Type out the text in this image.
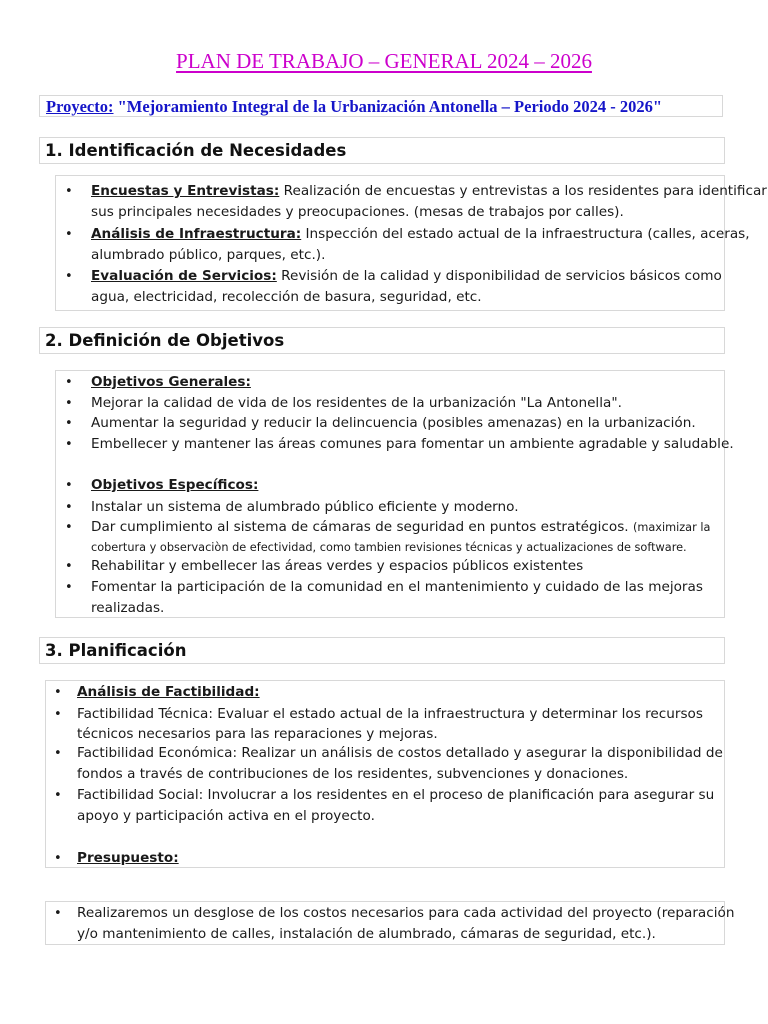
PLAN DE TRABAJO – GENERAL 2024 – 2026
Proyecto: "Mejoramiento Integral de la Urbanización Antonella – Periodo 2024 - 2026"
1. Identificación de Necesidades
• Encuestas y Entrevistas: Realización de encuestas y entrevistas a los residentes para identificar
sus principales necesidades y preocupaciones. (mesas de trabajos por calles).
• Análisis de Infraestructura: Inspección del estado actual de la infraestructura (calles, aceras,
alumbrado público, parques, etc.).
• Evaluación de Servicios: Revisión de la calidad y disponibilidad de servicios básicos como
agua, electricidad, recolección de basura, seguridad, etc.
2. Definición de Objetivos
• Objetivos Generales:
• Mejorar la calidad de vida de los residentes de la urbanización "La Antonella".
• Aumentar la seguridad y reducir la delincuencia (posibles amenazas) en la urbanización.
• Embellecer y mantener las áreas comunes para fomentar un ambiente agradable y saludable.
• Objetivos Específicos:
• Instalar un sistema de alumbrado público eficiente y moderno.
• Dar cumplimiento al sistema de cámaras de seguridad en puntos estratégicos. (maximizar la
cobertura y observaciòn de efectividad, como tambien revisiones técnicas y actualizaciones de software.
• Rehabilitar y embellecer las áreas verdes y espacios públicos existentes
• Fomentar la participación de la comunidad en el mantenimiento y cuidado de las mejoras
realizadas.
3. Planificación
• Análisis de Factibilidad:
• Factibilidad Técnica: Evaluar el estado actual de la infraestructura y determinar los recursos
técnicos necesarios para las reparaciones y mejoras.
• Factibilidad Económica: Realizar un análisis de costos detallado y asegurar la disponibilidad de
fondos a través de contribuciones de los residentes, subvenciones y donaciones.
• Factibilidad Social: Involucrar a los residentes en el proceso de planificación para asegurar su
apoyo y participación activa en el proyecto.
• Presupuesto:
• Realizaremos un desglose de los costos necesarios para cada actividad del proyecto (reparación
y/o mantenimiento de calles, instalación de alumbrado, cámaras de seguridad, etc.).
